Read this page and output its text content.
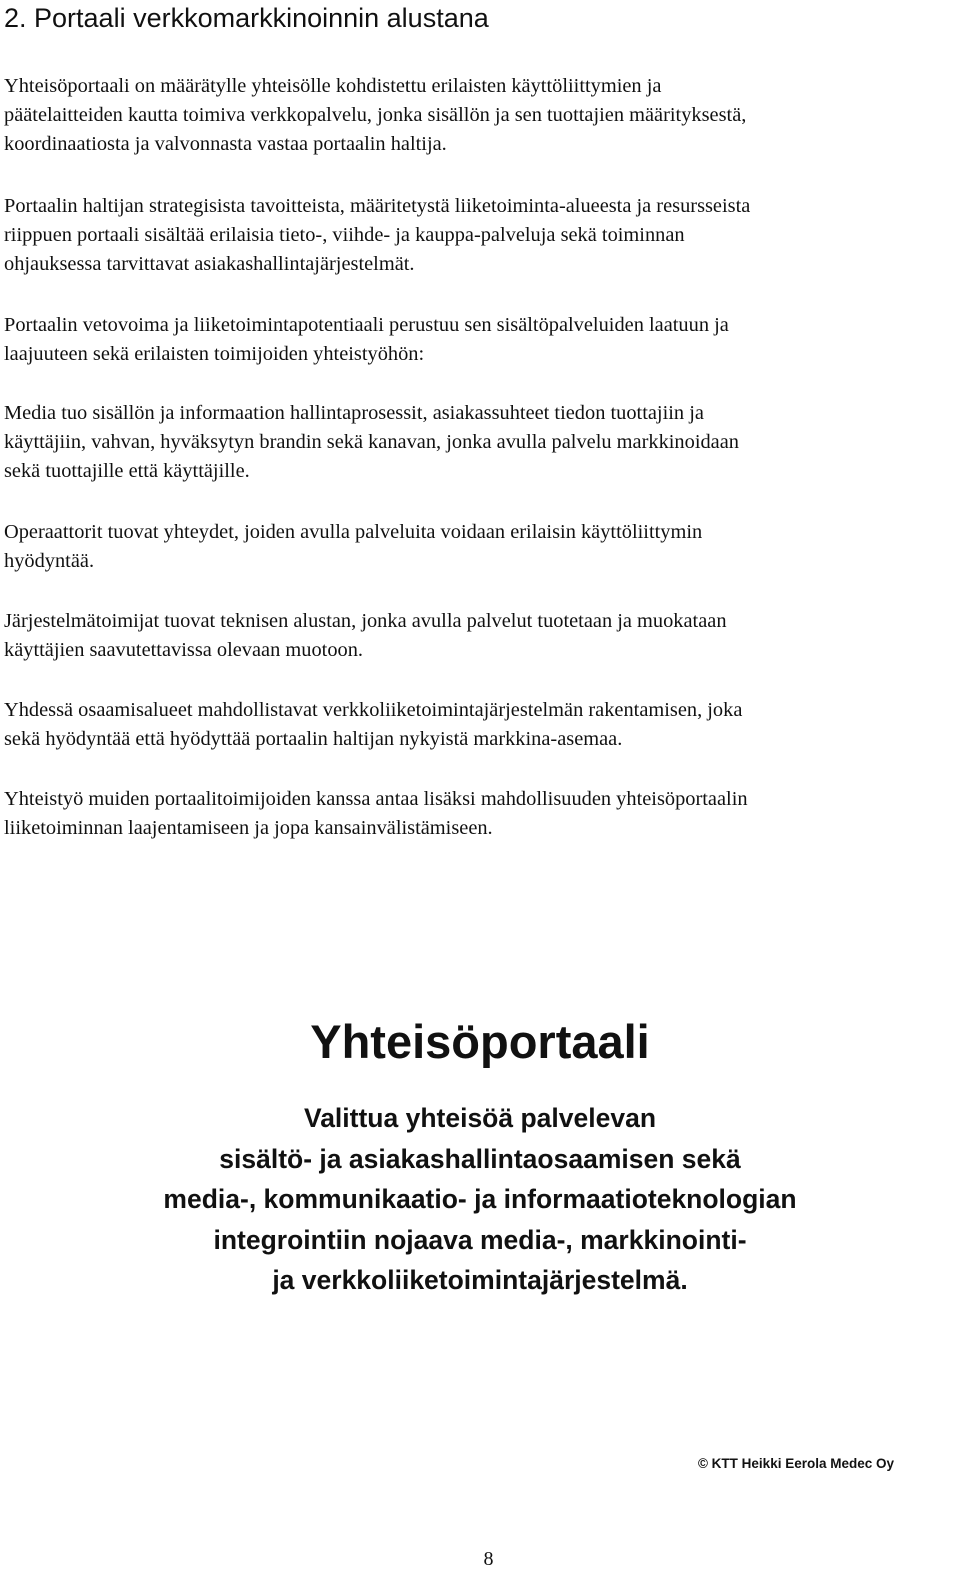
2. Portaali verkkomarkkinoinnin alustana

Yhteisöportaali on määrätylle yhteisölle kohdistettu erilaisten käyttöliittymien ja
päätelaitteiden kautta toimiva verkkopalvelu, jonka sisällön ja sen tuottajien määrityksestä,
koordinaatiosta ja valvonnasta vastaa portaalin haltija.

Portaalin haltijan strategisista tavoitteista, määritetystä liiketoiminta-alueesta ja resursseista
riippuen portaali sisältää erilaisia tieto-, viihde- ja kauppa-palveluja sekä toiminnan
ohjauksessa tarvittavat asiakashallintajärjestelmät.

Portaalin vetovoima ja liiketoimintapotentiaali perustuu sen sisältöpalveluiden laatuun ja
laajuuteen sekä erilaisten toimijoiden yhteistyöhön:

Media tuo sisällön ja informaation hallintaprosessit, asiakassuhteet tiedon tuottajiin ja
käyttäjiin, vahvan, hyväksytyn brandin sekä kanavan, jonka avulla palvelu markkinoidaan
sekä tuottajille että käyttäjille.

Operaattorit tuovat yhteydet, joiden avulla palveluita voidaan erilaisin käyttöliittymin
hyödyntää.

Järjestelmätoimijat tuovat teknisen alustan, jonka avulla palvelut tuotetaan ja muokataan
käyttäjien saavutettavissa olevaan muotoon.

Yhdessä osaamisalueet mahdollistavat verkkoliiketoimintajärjestelmän rakentamisen, joka
sekä hyödyntää että hyödyttää portaalin haltijan nykyistä markkina-asemaa.

Yhteistyö muiden portaalitoimijoiden kanssa antaa lisäksi mahdollisuuden yhteisöportaalin
liiketoiminnan laajentamiseen ja jopa kansainvälistämiseen.

Yhteisöportaali
Valittua yhteisöä palvelevan
sisältö- ja asiakashallintaosaamisen sekä
media-, kommunikaatio- ja informaatioteknologian
integrointiin nojaava media-, markkinointi-
ja verkkoliiketoimintajärjestelmä.
© KTT Heikki Eerola Medec Oy
8
